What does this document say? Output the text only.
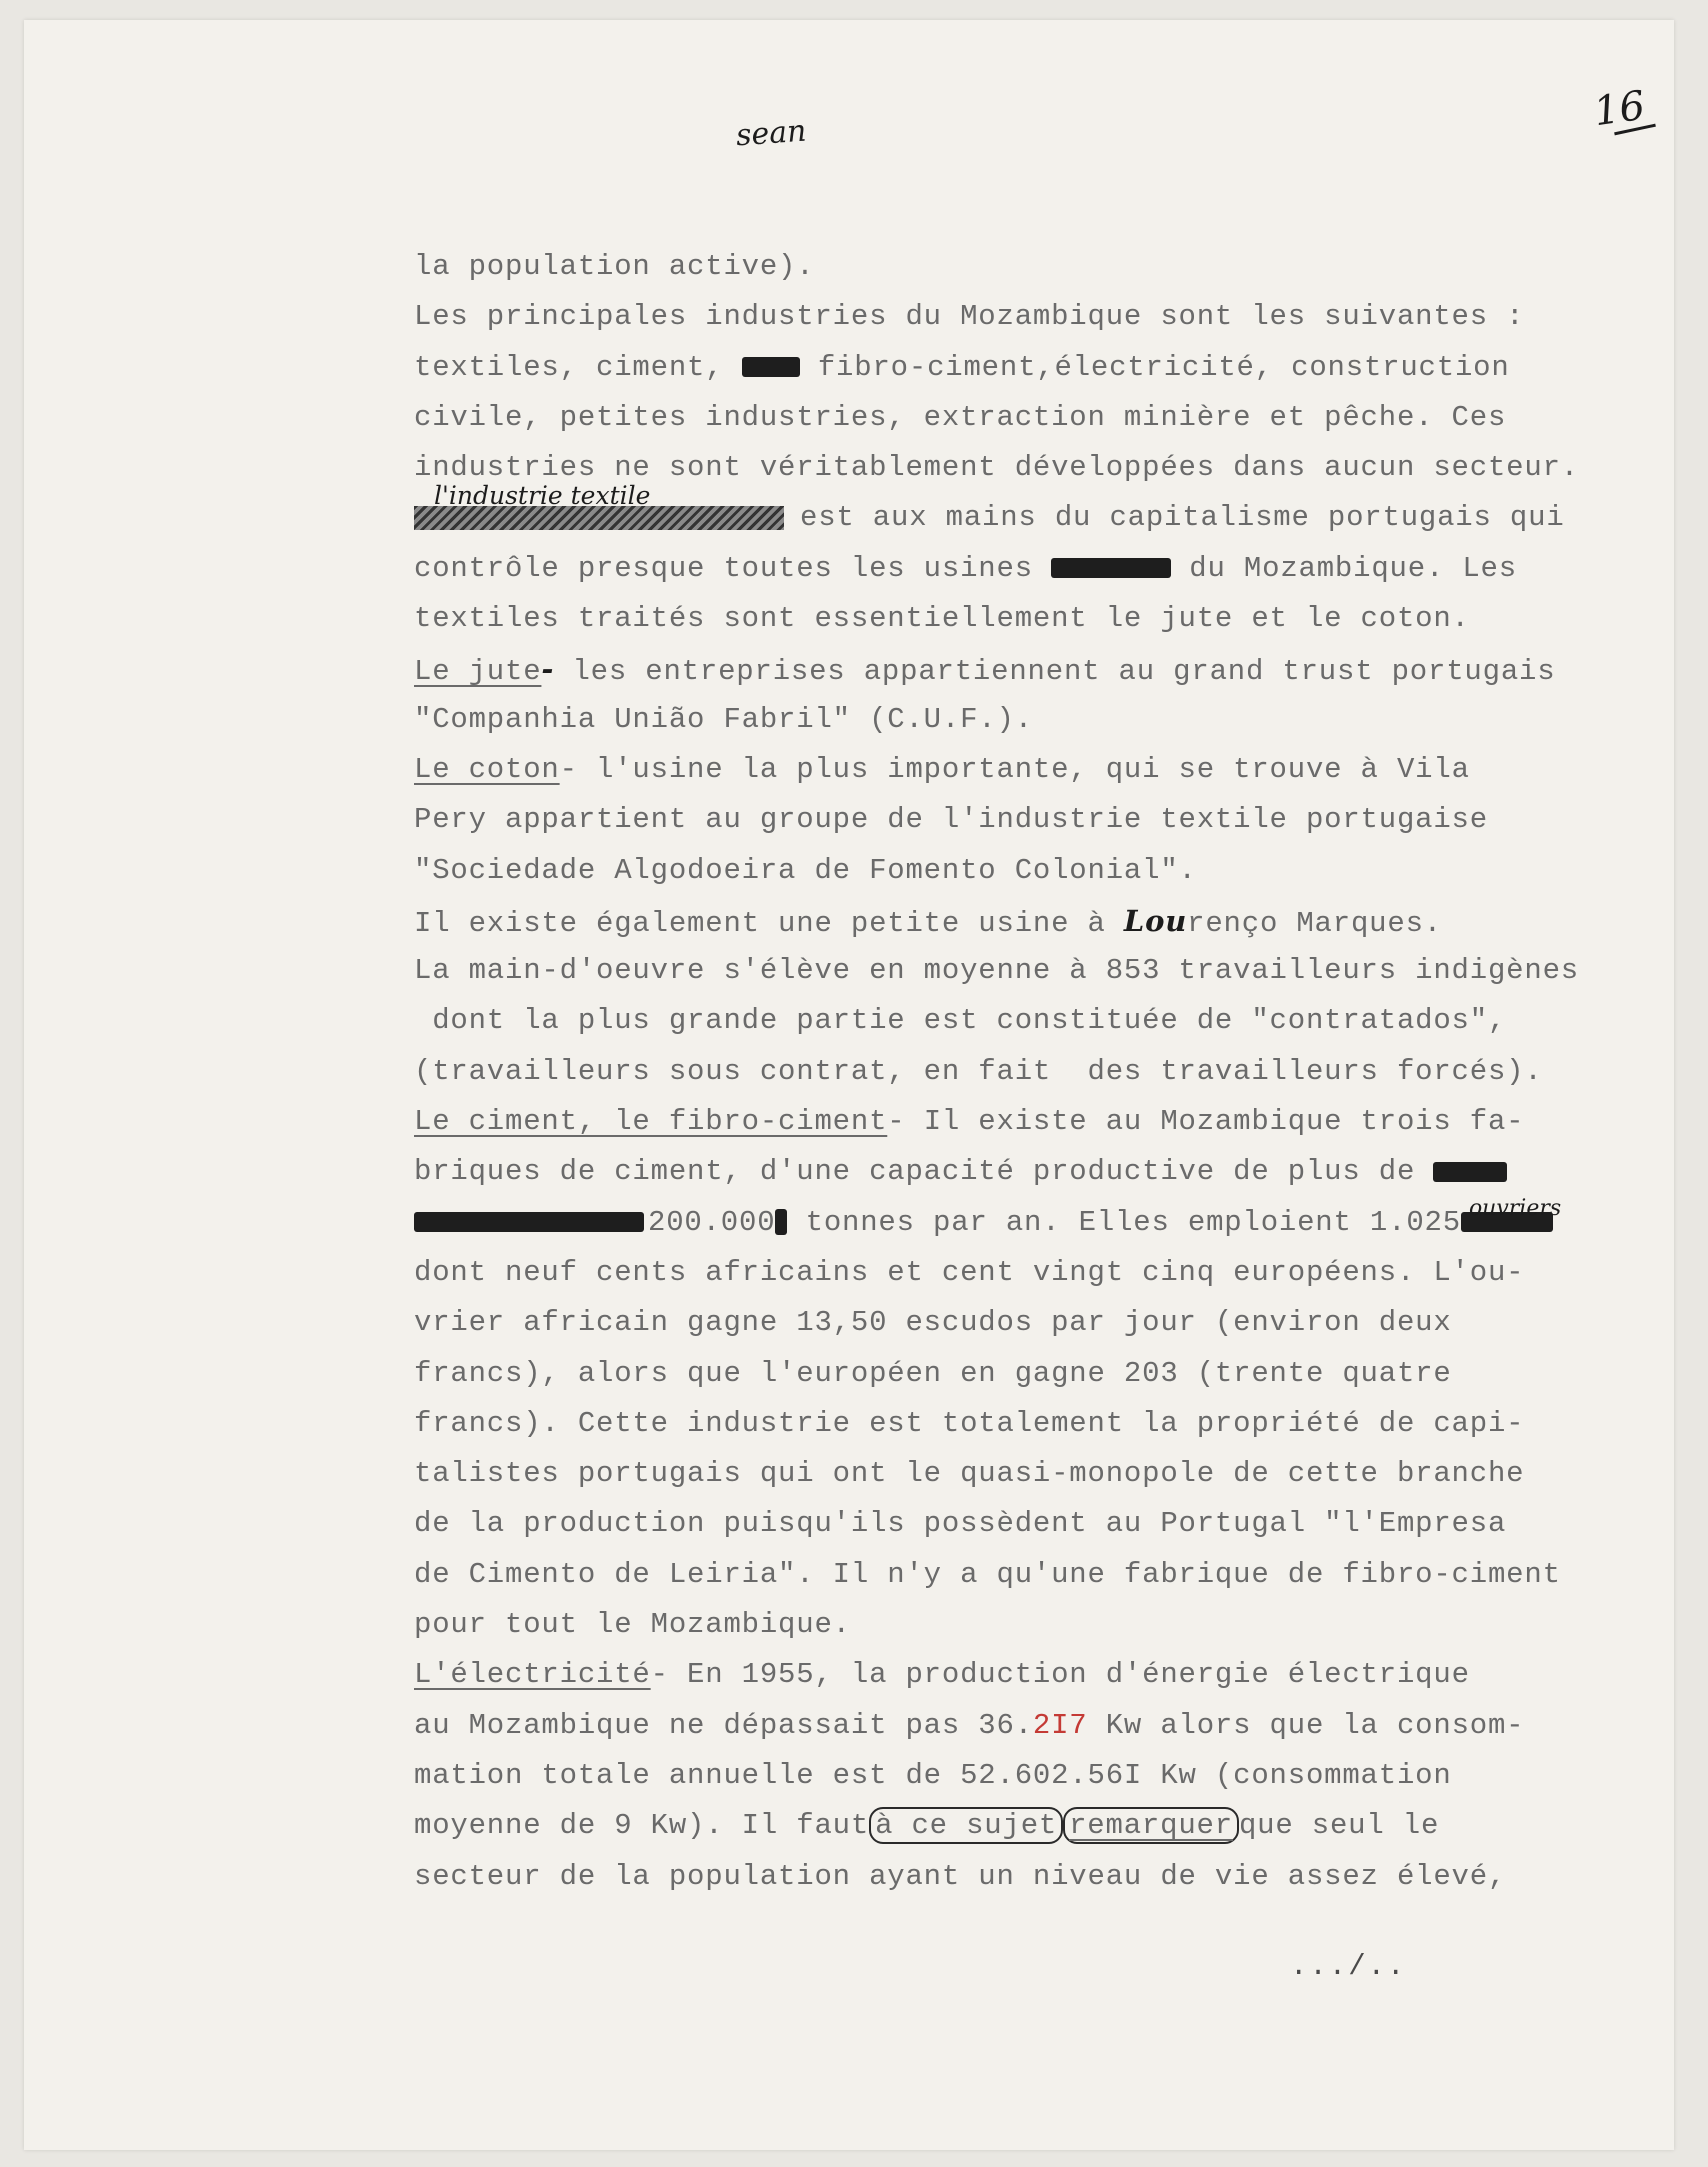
sean	16
la population active).
Les principales industries du Mozambique sont les suivantes :
textiles, ciment,  fibro-ciment,électricité, construction
civile, petites industries, extraction minière et pêche. Ces
industries ne sont véritablement développées dans aucun secteur.
l'industrie textile
est aux mains du capitalisme portugais qui
contrôle presque toutes les usines	du Mozambique. Les
textiles traités sont essentiellement le jute et le coton.
Le jute- les entreprises appartiennent au grand trust portugais
"Companhia União Fabril" (C.U.F.).
Le coton- l'usine la plus importante, qui se trouve à Vila
Pery appartient au groupe de l'industrie textile portugaise
"Sociedade Algodoeira de Fomento Colonial".
Il existe également une petite usine à Lourenço Marques.
La main-d'oeuvre s'élève en moyenne à 853 travailleurs indigènes
dont la plus grande partie est constituée de "contratados",
(travailleurs sous contrat, en fait  des travailleurs forcés).
Le ciment, le fibro-ciment- Il existe au Mozambique trois fa-
briques de ciment, d'une capacité productive de plus de
200.000 tonnes par an. Elles emploient 1.025 ouvriers
dont neuf cents africains et cent vingt cinq européens. L'ou-
vrier africain gagne 13,50 escudos par jour (environ deux
francs), alors que l'européen en gagne 203 (trente quatre
francs). Cette industrie est totalement la propriété de capi-
talistes portugais qui ont le quasi-monopole de cette branche
de la production puisqu'ils possèdent au Portugal "l'Empresa
de Cimento de Leiria". Il n'y a qu'une fabrique de fibro-ciment
pour tout le Mozambique.
L'électricité- En 1955, la production d'énergie électrique
au Mozambique ne dépassait pas 36.2I7 Kw alors que la consom-
mation totale annuelle est de 52.602.56I Kw (consommation
moyenne de 9 Kw). Il faut à ce sujet remarquer que seul le
secteur de la population ayant un niveau de vie assez élevé,
.../..
